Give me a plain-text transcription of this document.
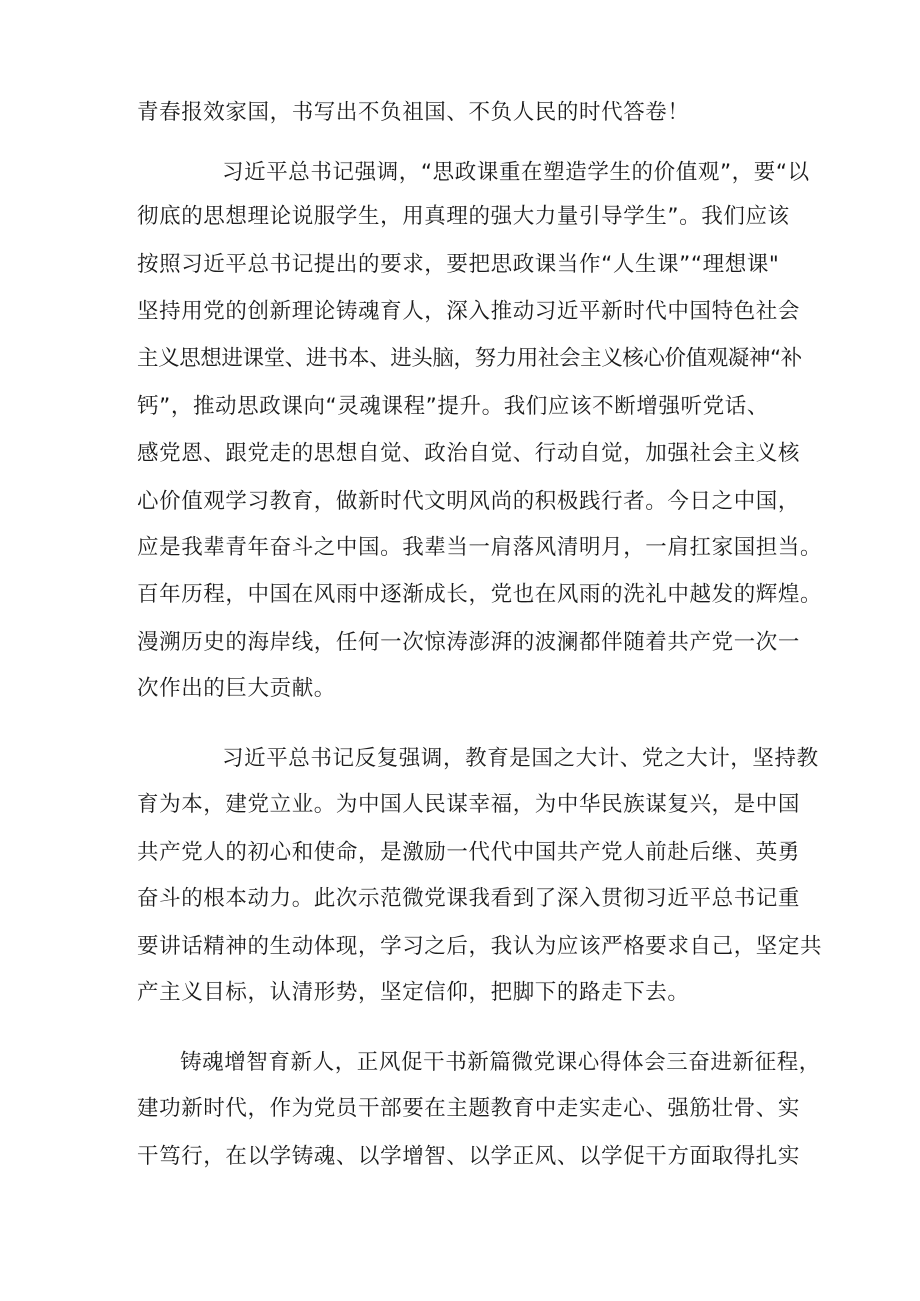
青春报效家国，书写出不负祖国、不负人民的时代答卷！
习近平总书记强调，“思政课重在塑造学生的价值观”，要“以
彻底的思想理论说服学生，用真理的强大力量引导学生”。我们应该
按照习近平总书记提出的要求，要把思政课当作“人生课”“理想课"
坚持用党的创新理论铸魂育人，深入推动习近平新时代中国特色社会
主义思想进课堂、进书本、进头脑，努力用社会主义核心价值观凝神“补
钙”，推动思政课向“灵魂课程”提升。我们应该不断增强听党话、
感党恩、跟党走的思想自觉、政治自觉、行动自觉，加强社会主义核
心价值观学习教育，做新时代文明风尚的积极践行者。今日之中国，
应是我辈青年奋斗之中国。我辈当一肩落风清明月，一肩扛家国担当。
百年历程，中国在风雨中逐渐成长，党也在风雨的洗礼中越发的辉煌。
漫溯历史的海岸线，任何一次惊涛澎湃的波澜都伴随着共产党一次一
次作出的巨大贡献。
习近平总书记反复强调，教育是国之大计、党之大计，坚持教
育为本，建党立业。为中国人民谋幸福，为中华民族谋复兴，是中国
共产党人的初心和使命，是激励一代代中国共产党人前赴后继、英勇
奋斗的根本动力。此次示范微党课我看到了深入贯彻习近平总书记重
要讲话精神的生动体现，学习之后，我认为应该严格要求自己，坚定共
产主义目标，认清形势，坚定信仰，把脚下的路走下去。
铸魂增智育新人，正风促干书新篇微党课心得体会三奋进新征程，
建功新时代，作为党员干部要在主题教育中走实走心、强筋壮骨、实
干笃行，在以学铸魂、以学增智、以学正风、以学促干方面取得扎实
